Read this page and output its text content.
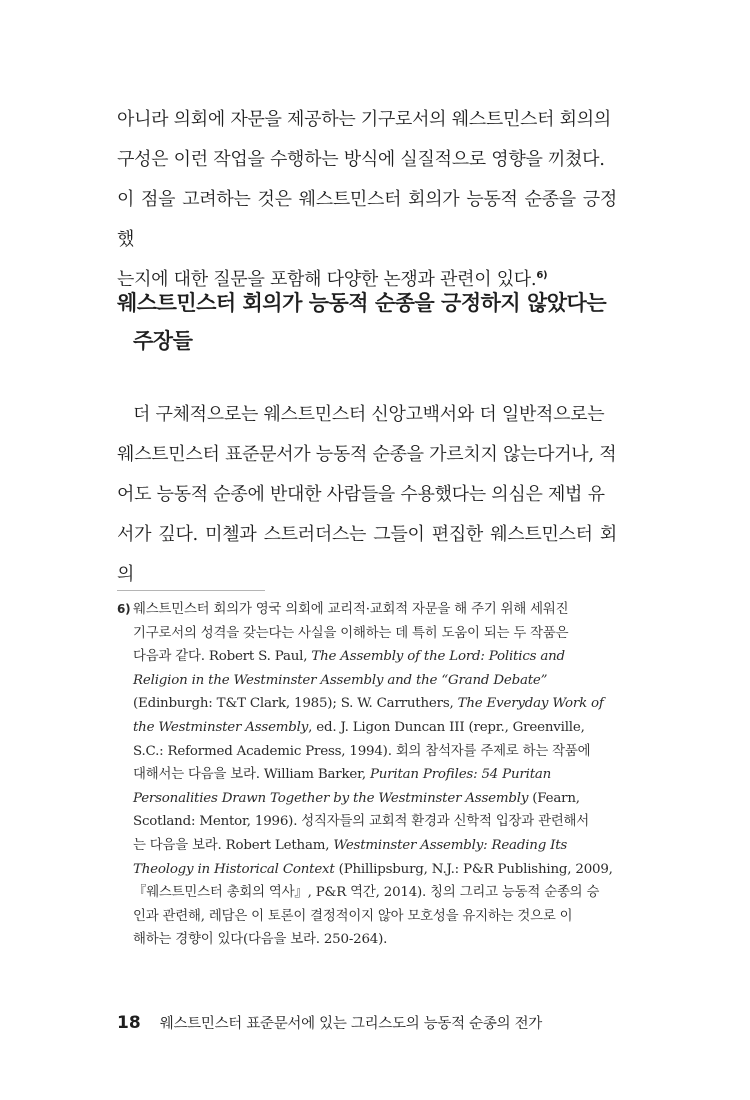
아니라 의회에 자문을 제공하는 기구로서의 웨스트민스터 회의의
구성은 이런 작업을 수행하는 방식에 실질적으로 영향을 끼쳤다.
이 점을 고려하는 것은 웨스트민스터 회의가 능동적 순종을 긍정했
는지에 대한 질문을 포함해 다양한 논쟁과 관련이 있다.$^{6)}$
웨스트민스터 회의가 능동적 순종을 긍정하지 않았다는
주장들
더 구체적으로는 웨스트민스터 신앙고백서와 더 일반적으로는
웨스트민스터 표준문서가 능동적 순종을 가르치지 않는다거나, 적
어도 능동적 순종에 반대한 사람들을 수용했다는 의심은 제법 유
서가 깊다. 미첼과 스트러더스는 그들이 편집한 웨스트민스터 회의
6) 웨스트민스터 회의가 영국 의회에 교리적·교회적 자문을 해 주기 위해 세워진
기구로서의 성격을 갖는다는 사실을 이해하는 데 특히 도움이 되는 두 작품은
다음과 같다. Robert S. Paul, The Assembly of the Lord: Politics and
Religion in the Westminster Assembly and the “Grand Debate”
(Edinburgh: T&T Clark, 1985); S. W. Carruthers, The Everyday Work of
the Westminster Assembly, ed. J. Ligon Duncan III (repr., Greenville,
S.C.: Reformed Academic Press, 1994). 회의 참석자를 주제로 하는 작품에
대해서는 다음을 보라. William Barker, Puritan Profiles: 54 Puritan
Personalities Drawn Together by the Westminster Assembly (Fearn,
Scotland: Mentor, 1996). 성직자들의 교회적 환경과 신학적 입장과 관련해서
는 다음을 보라. Robert Letham, Westminster Assembly: Reading Its
Theology in Historical Context (Phillipsburg, N.J.: P&R Publishing, 2009,
『웨스트민스터 총회의 역사』, P&R 역간, 2014). 칭의 그리고 능동적 순종의 승
인과 관련해, 레담은 이 토론이 결정적이지 않아 모호성을 유지하는 것으로 이
해하는 경향이 있다(다음을 보라. 250-264).
18 웨스트민스터 표준문서에 있는 그리스도의 능동적 순종의 전가
